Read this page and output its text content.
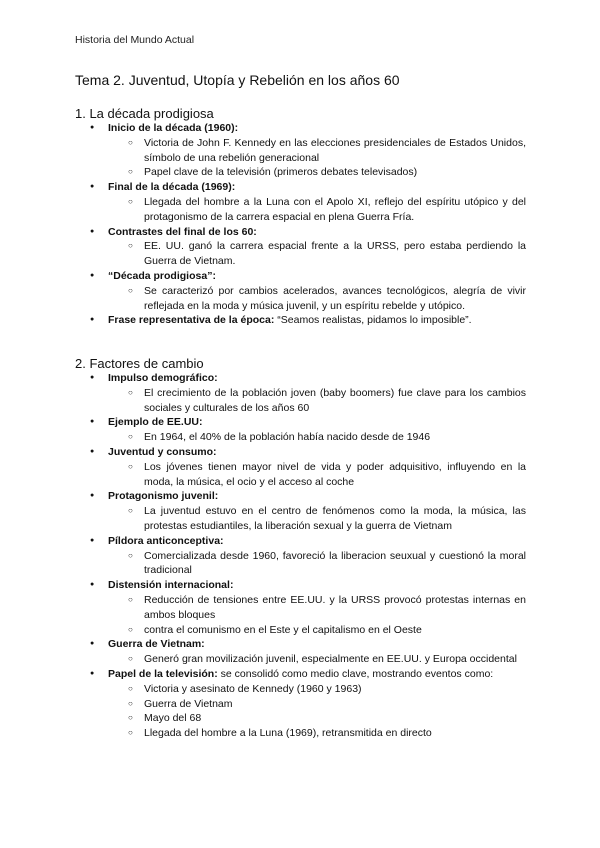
Historia del Mundo Actual
Tema 2. Juventud, Utopía y Rebelión en los años 60
1. La década prodigiosa
● Inicio de la década (1960):
○ Victoria de John F. Kennedy en las elecciones presidenciales de Estados Unidos, símbolo de una rebelión generacional
○ Papel clave de la televisión (primeros debates televisados)
● Final de la década (1969):
○ Llegada del hombre a la Luna con el Apolo XI, reflejo del espíritu utópico y del protagonismo de la carrera espacial en plena Guerra Fría.
● Contrastes del final de los 60:
○ EE. UU. ganó la carrera espacial frente a la URSS, pero estaba perdiendo la Guerra de Vietnam.
● “Década prodigiosa”:
○ Se caracterizó por cambios acelerados, avances tecnológicos, alegría de vivir reflejada en la moda y música juvenil, y un espíritu rebelde y utópico.
● Frase representativa de la época: “Seamos realistas, pidamos lo imposible”.
2. Factores de cambio
● Impulso demográfico:
○ El crecimiento de la población joven (baby boomers) fue clave para los cambios sociales y culturales de los años 60
● Ejemplo de EE.UU:
○ En 1964, el 40% de la población había nacido desde de 1946
● Juventud y consumo:
○ Los jóvenes tienen mayor nivel de vida y poder adquisitivo, influyendo en la moda, la música, el ocio y el acceso al coche
● Protagonismo juvenil:
○ La juventud estuvo en el centro de fenómenos como la moda, la música, las protestas estudiantiles, la liberación sexual y la guerra de Vietnam
● Píldora anticonceptiva:
○ Comercializada desde 1960, favoreció la liberacion seuxual y cuestionó la moral tradicional
● Distensión internacional:
○ Reducción de tensiones entre EE.UU. y la URSS provocó protestas internas en ambos bloques
○ contra el comunismo en el Este y el capitalismo en el Oeste
● Guerra de Vietnam:
○ Generó gran movilización juvenil, especialmente en EE.UU. y Europa occidental
● Papel de la televisión: se consolidó como medio clave, mostrando eventos como:
○ Victoria y asesinato de Kennedy (1960 y 1963)
○ Guerra de Vietnam
○ Mayo del 68
○ Llegada del hombre a la Luna (1969), retransmitida en directo
